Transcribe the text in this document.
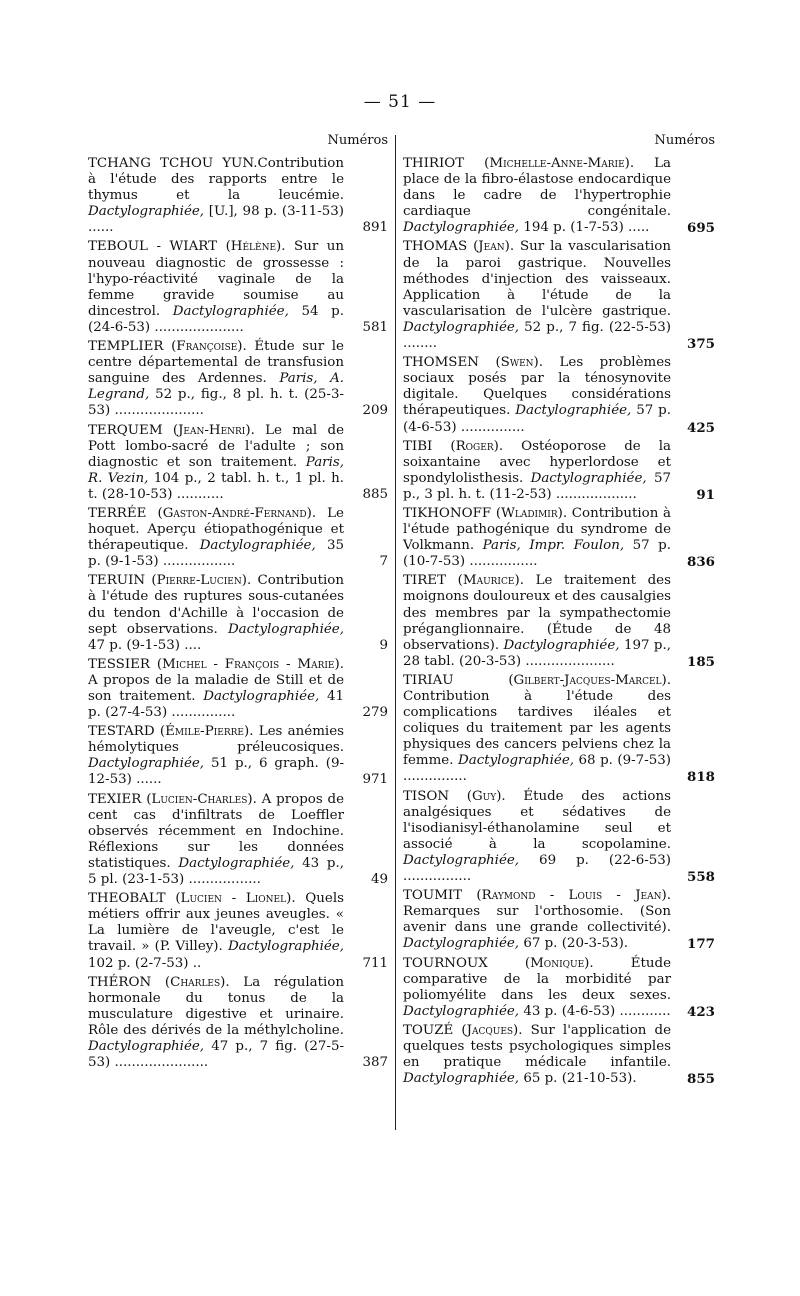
— 51 —
Numéros
TCHANG TCHOU YUN.Contribution à l'étude des rapports entre le thymus et la leucémie. Dactylographiée, [U.], 98 p. (3-11-53) ......	891
TEBOUL - WIART (Hélène). Sur un nouveau diagnostic de grossesse : l'hypo-réactivité vaginale de la femme gravide soumise au dincestrol. Dactylographiée, 54 p. (24-6-53) .....................	581
TEMPLIER (Françoise). Étude sur le centre départemental de transfusion sanguine des Ardennes. Paris, A. Legrand, 52 p., fig., 8 pl. h. t. (25-3-53) .....................	209
TERQUEM (Jean-Henri). Le mal de Pott lombo-sacré de l'adulte ; son diagnostic et son traitement. Paris, R. Vezin, 104 p., 2 tabl. h. t., 1 pl. h. t. (28-10-53) ...........	885
TERRÉE (Gaston-André-Fernand). Le hoquet. Aperçu étiopathogénique et thérapeutique. Dactylographiée, 35 p. (9-1-53) .................	7
TERUIN (Pierre-Lucien). Contribution à l'étude des ruptures sous-cutanées du tendon d'Achille à l'occasion de sept observations. Dactylographiée, 47 p. (9-1-53) ....	9
TESSIER (Michel - François - Marie). A propos de la maladie de Still et de son traitement. Dactylographiée, 41 p. (27-4-53) ...............	279
TESTARD (Émile-Pierre). Les anémies hémolytiques préleucosiques. Dactylographiée, 51 p., 6 graph. (9-12-53) ......	971
TEXIER (Lucien-Charles). A propos de cent cas d'infiltrats de Loeffler observés récemment en Indochine. Réflexions sur les données statistiques. Dactylographiée, 43 p., 5 pl. (23-1-53) .................	49
THEOBALT (Lucien - Lionel). Quels métiers offrir aux jeunes aveugles. « La lumière de l'aveugle, c'est le travail. » (P. Villey). Dactylographiée, 102 p. (2-7-53) ..	711
THÉRON (Charles). La régulation hormonale du tonus de la musculature digestive et urinaire. Rôle des dérivés de la méthylcholine. Dactylographiée, 47 p., 7 fig. (27-5-53) ......................	387
Numéros
THIRIOT (Michelle-Anne-Marie). La place de la fibro-élastose endocardique dans le cadre de l'hypertrophie cardiaque congénitale. Dactylographiée, 194 p. (1-7-53) .....	695
THOMAS (Jean). Sur la vascularisation de la paroi gastrique. Nouvelles méthodes d'injection des vaisseaux. Application à l'étude de la vascularisation de l'ulcère gastrique. Dactylographiée, 52 p., 7 fig. (22-5-53) ........	375
THOMSEN (Swen). Les problèmes sociaux posés par la ténosynovite digitale. Quelques considérations thérapeutiques. Dactylographiée, 57 p. (4-6-53) ...............	425
TIBI (Roger). Ostéoporose de la soixantaine avec hyperlordose et spondylolisthesis. Dactylographiée, 57 p., 3 pl. h. t. (11-2-53) ...................	91
TIKHONOFF (Wladimir). Contribution à l'étude pathogénique du syndrome de Volkmann. Paris, Impr. Foulon, 57 p. (10-7-53) ................	836
TIRET (Maurice). Le traitement des moignons douloureux et des causalgies des membres par la sympathectomie préganglionnaire. (Étude de 48 observations). Dactylographiée, 197 p., 28 tabl. (20-3-53) .....................	185
TIRIAU	(Gilbert-Jacques-Marcel). Contribution à l'étude des complications tardives iléales et coliques du traitement par les agents physiques des cancers pelviens chez la femme. Dactylographiée, 68 p. (9-7-53) ...............	818
TISON (Guy). Étude des actions analgésiques et sédatives de l'isodianisyl-éthanolamine seul et associé à la scopolamine. Dactylographiée, 69 p. (22-6-53) ................	558
TOUMIT (Raymond - Louis - Jean). Remarques sur l'orthosomie. (Son avenir dans une grande collectivité). Dactylographiée, 67 p. (20-3-53).	177
TOURNOUX	(Monique). Étude comparative de la morbidité par poliomyélite dans les deux sexes. Dactylographiée, 43 p. (4-6-53) ............	423
TOUZÉ (Jacques). Sur l'application de quelques tests psychologiques simples en pratique médicale infantile. Dactylographiée, 65 p. (21-10-53).	855
